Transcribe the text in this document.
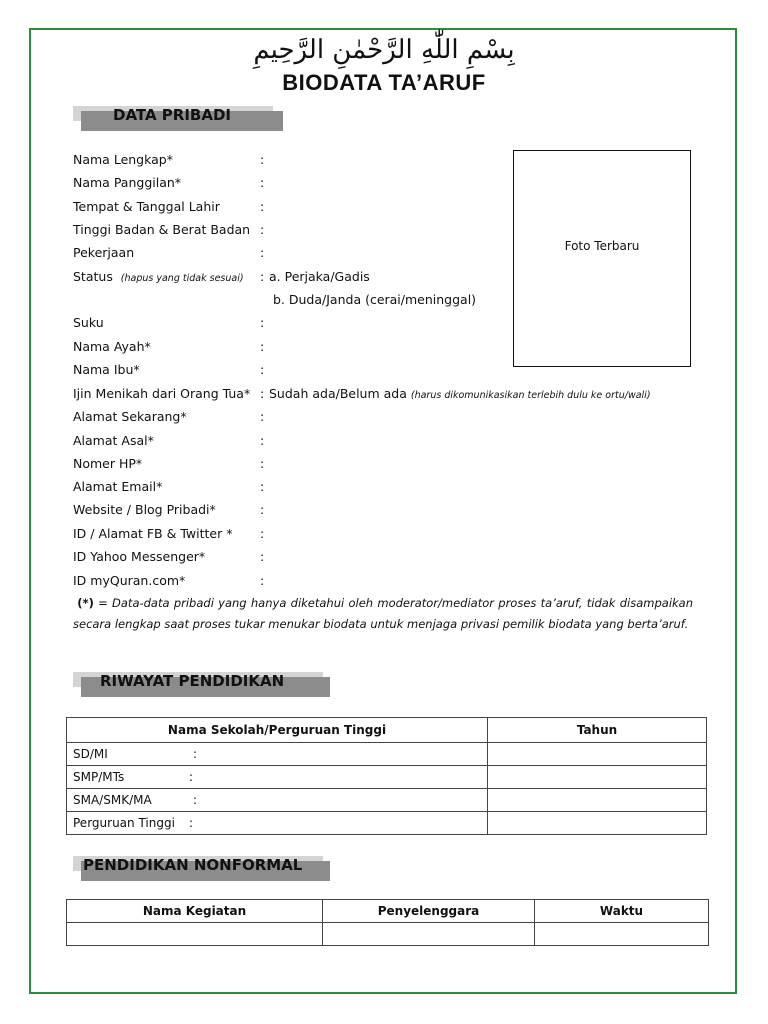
بِسْمِ اللّٰهِ الرَّحْمٰنِ الرَّحِيمِ
BIODATA TA’ARUF
DATA PRIBADI
Foto Terbaru
Nama Lengkap*	:
Nama Panggilan*	:
Tempat & Tanggal Lahir	:
Tinggi Badan & Berat Badan :
Pekerjaan	:
Status (hapus yang tidak sesuai) : a. Perjaka/Gadis
b. Duda/Janda (cerai/meninggal)
Suku	:
Nama Ayah*	:
Nama Ibu*	:
Ijin Menikah dari Orang Tua* : Sudah ada/Belum ada (harus dikomunikasikan terlebih dulu ke ortu/wali)
Alamat Sekarang*	:
Alamat Asal*	:
Nomer HP*	:
Alamat Email*	:
Website / Blog Pribadi*	:
ID / Alamat FB & Twitter * :
ID Yahoo Messenger*	:
ID myQuran.com*	:
(*) = Data-data pribadi yang hanya diketahui oleh moderator/mediator proses ta’aruf, tidak disampaikan secara lengkap saat proses tukar menukar biodata untuk menjaga privasi pemilik biodata yang berta’aruf.
RIWAYAT PENDIDIKAN
Nama Sekolah/Perguruan Tinggi	Tahun
SD/MI :	

SMP/MTs :	

SMA/SMK/MA :	

Perguruan Tinggi :	

PENDIDIKAN NONFORMAL
Nama Kegiatan	Penyelenggara	Waktu
